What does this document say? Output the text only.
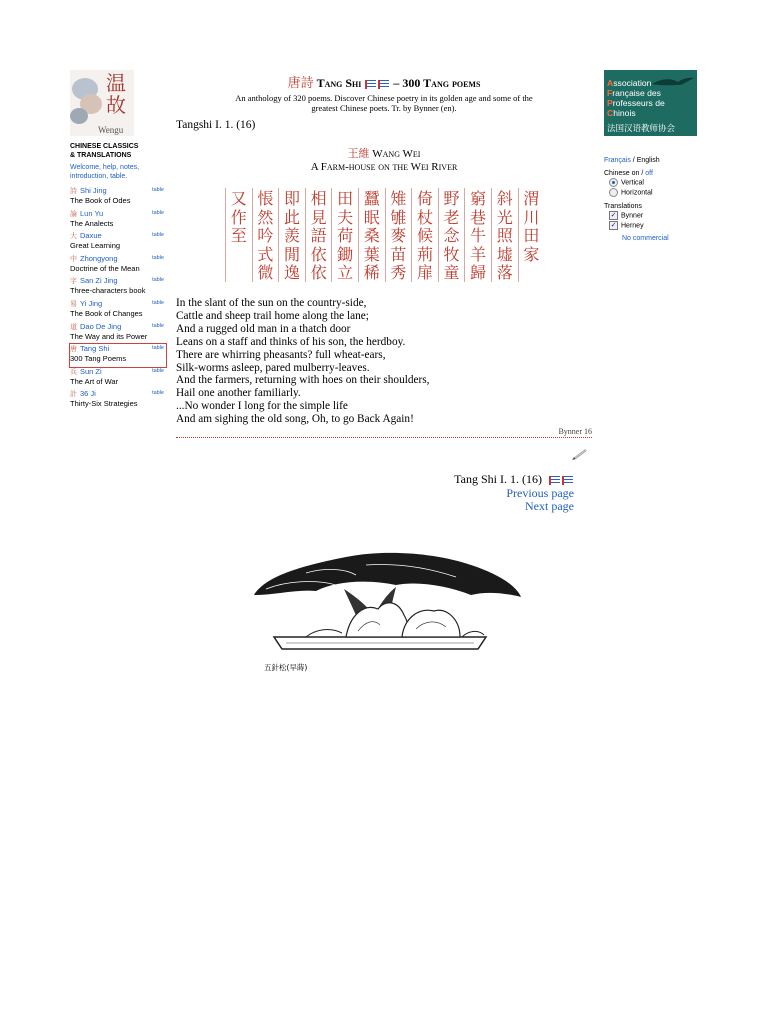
温故
Wengu
CHINESE CLASSICS
& TRANSLATIONS
Welcome, help, notes, introduction, table.
詩 Shi Jing
The Book of Odes
table
論 Lun Yu
The Analects
table
大 Daxue
Great Learning
table
中 Zhongyong
Doctrine of the Mean
table
字 San Zi Jing
Three-characters book
table
易 Yi Jing
The Book of Changes
table
道 Dao De Jing
The Way and its Power
table
唐 Tang Shi
300 Tang Poems
table
兵 Sun Zi
The Art of War
table
計 36 Ji
Thirty-Six Strategies
table
唐詩 Tang Shi	– 300 Tang poems
An anthology of 320 poems. Discover Chinese poetry in its golden age and some of the
greatest Chinese poets. Tr. by Bynner (en).
Tangshi I. 1. (16)
王維 Wang Wei
A Farm-house on the Wei River
渭
川
田
家
斜
光
照
墟
落
窮
巷
牛
羊
歸
野
老
念
牧
童
倚
杖
候
荊
扉
雉
雊
麥
苗
秀
蠶
眠
桑
葉
稀
田
夫
荷
鋤
立
相
見
語
依
依
即
此
羨
閒
逸
悵
然
吟
式
微
又
作
至
In the slant of the sun on the country-side,
Cattle and sheep trail home along the lane;
And a rugged old man in a thatch door
Leans on a staff and thinks of his son, the herdboy.
There are whirring pheasants? full wheat-ears,
Silk-worms asleep, pared mulberry-leaves.
And the farmers, returning with hoes on their shoulders,
Hail one another familiarly.
...No wonder I long for the simple life
And am sighing the old song, Oh, to go Back Again!
Bynner 16
Tang Shi I. 1. (16)
Previous page
Next page
五針松(早蒔)
Association
Française des
Professeurs de
Chinois
法国汉语教师协会
Français / English
Chinese on / off
Vertical
Horizontal
Translations
✓ Bynner
✓ Herney
No commercial
